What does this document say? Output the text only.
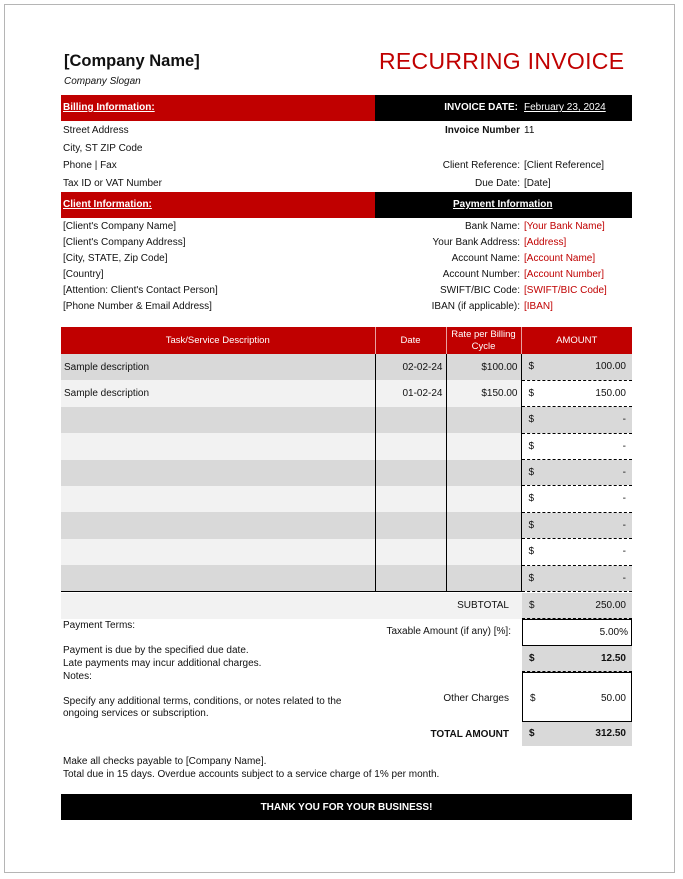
[Company Name]
Company Slogan
RECURRING INVOICE
Billing Information:	INVOICE DATE: February 23, 2024
Street Address
City, ST ZIP Code
Phone | Fax
Tax ID or VAT Number
Invoice Number 11
Client Reference: [Client Reference]
Due Date: [Date]
Client Information:	Payment Information
[Client's Company Name]
[Client's Company Address]
[City, STATE, Zip Code]
[Country]
[Attention: Client's Contact Person]
[Phone Number & Email Address]
Bank Name: [Your Bank Name]
Your Bank Address: [Address]
Account Name: [Account Name]
Account Number: [Account Number]
SWIFT/BIC Code: [SWIFT/BIC Code]
IBAN (if applicable): [IBAN]
Task/Service Description	Date	Rate per Billing Cycle	AMOUNT
Sample description	02-02-24	$100.00	$ 100.00

Sample description	01-02-24	$150.00	$ 150.00

			$ -

			$ -

			$ -

			$ -

			$ -

			$ -

			$ -
SUBTOTAL $	250.00
Payment Terms:
Payment is due by the specified due date.
Late payments may incur additional charges.
Notes:
Specify any additional terms, conditions, or notes related to the
ongoing services or subscription.
Taxable Amount (if any) [%]:	5.00%
$	12.50
Other Charges $	50.00
TOTAL AMOUNT $	312.50
Make all checks payable to [Company Name].
Total due in 15 days. Overdue accounts subject to a service charge of 1% per month.
THANK YOU FOR YOUR BUSINESS!
